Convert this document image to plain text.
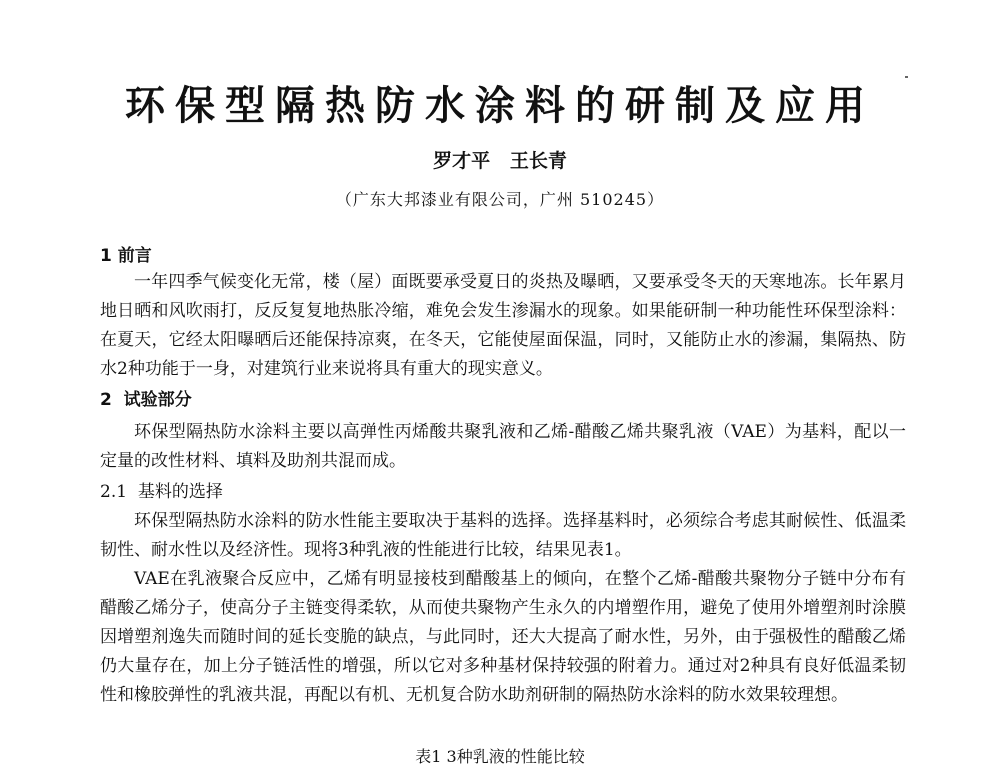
环保型隔热防水涂料的研制及应用
罗才平   王长青
（广东大邦漆业有限公司，广州 510245）
1 前言

一年四季气候变化无常，楼（屋）面既要承受夏日的炎热及曝晒，又要承受冬天的天寒地冻。长年累月地日晒和风吹雨打，反反复复地热胀冷缩，难免会发生渗漏水的现象。如果能研制一种功能性环保型涂料：在夏天，它经太阳曝晒后还能保持凉爽，在冬天，它能使屋面保温，同时，又能防止水的渗漏，集隔热、防水2种功能于一身，对建筑行业来说将具有重大的现实意义。

2  试验部分

环保型隔热防水涂料主要以高弹性丙烯酸共聚乳液和乙烯-醋酸乙烯共聚乳液（VAE）为基料，配以一定量的改性材料、填料及助剂共混而成。

2.1  基料的选择

环保型隔热防水涂料的防水性能主要取决于基料的选择。选择基料时，必须综合考虑其耐候性、低温柔韧性、耐水性以及经济性。现将3种乳液的性能进行比较，结果见表1。

VAE在乳液聚合反应中，乙烯有明显接枝到醋酸基上的倾向，在整个乙烯-醋酸共聚物分子链中分布有醋酸乙烯分子，使高分子主链变得柔软，从而使共聚物产生永久的内增塑作用，避免了使用外增塑剂时涂膜因增塑剂逸失而随时间的延长变脆的缺点，与此同时，还大大提高了耐水性，另外，由于强极性的醋酸乙烯仍大量存在，加上分子链活性的增强，所以它对多种基材保持较强的附着力。通过对2种具有良好低温柔韧性和橡胶弹性的乳液共混，再配以有机、无机复合防水助剂研制的隔热防水涂料的防水效果较理想。

表1 3种乳液的性能比较
